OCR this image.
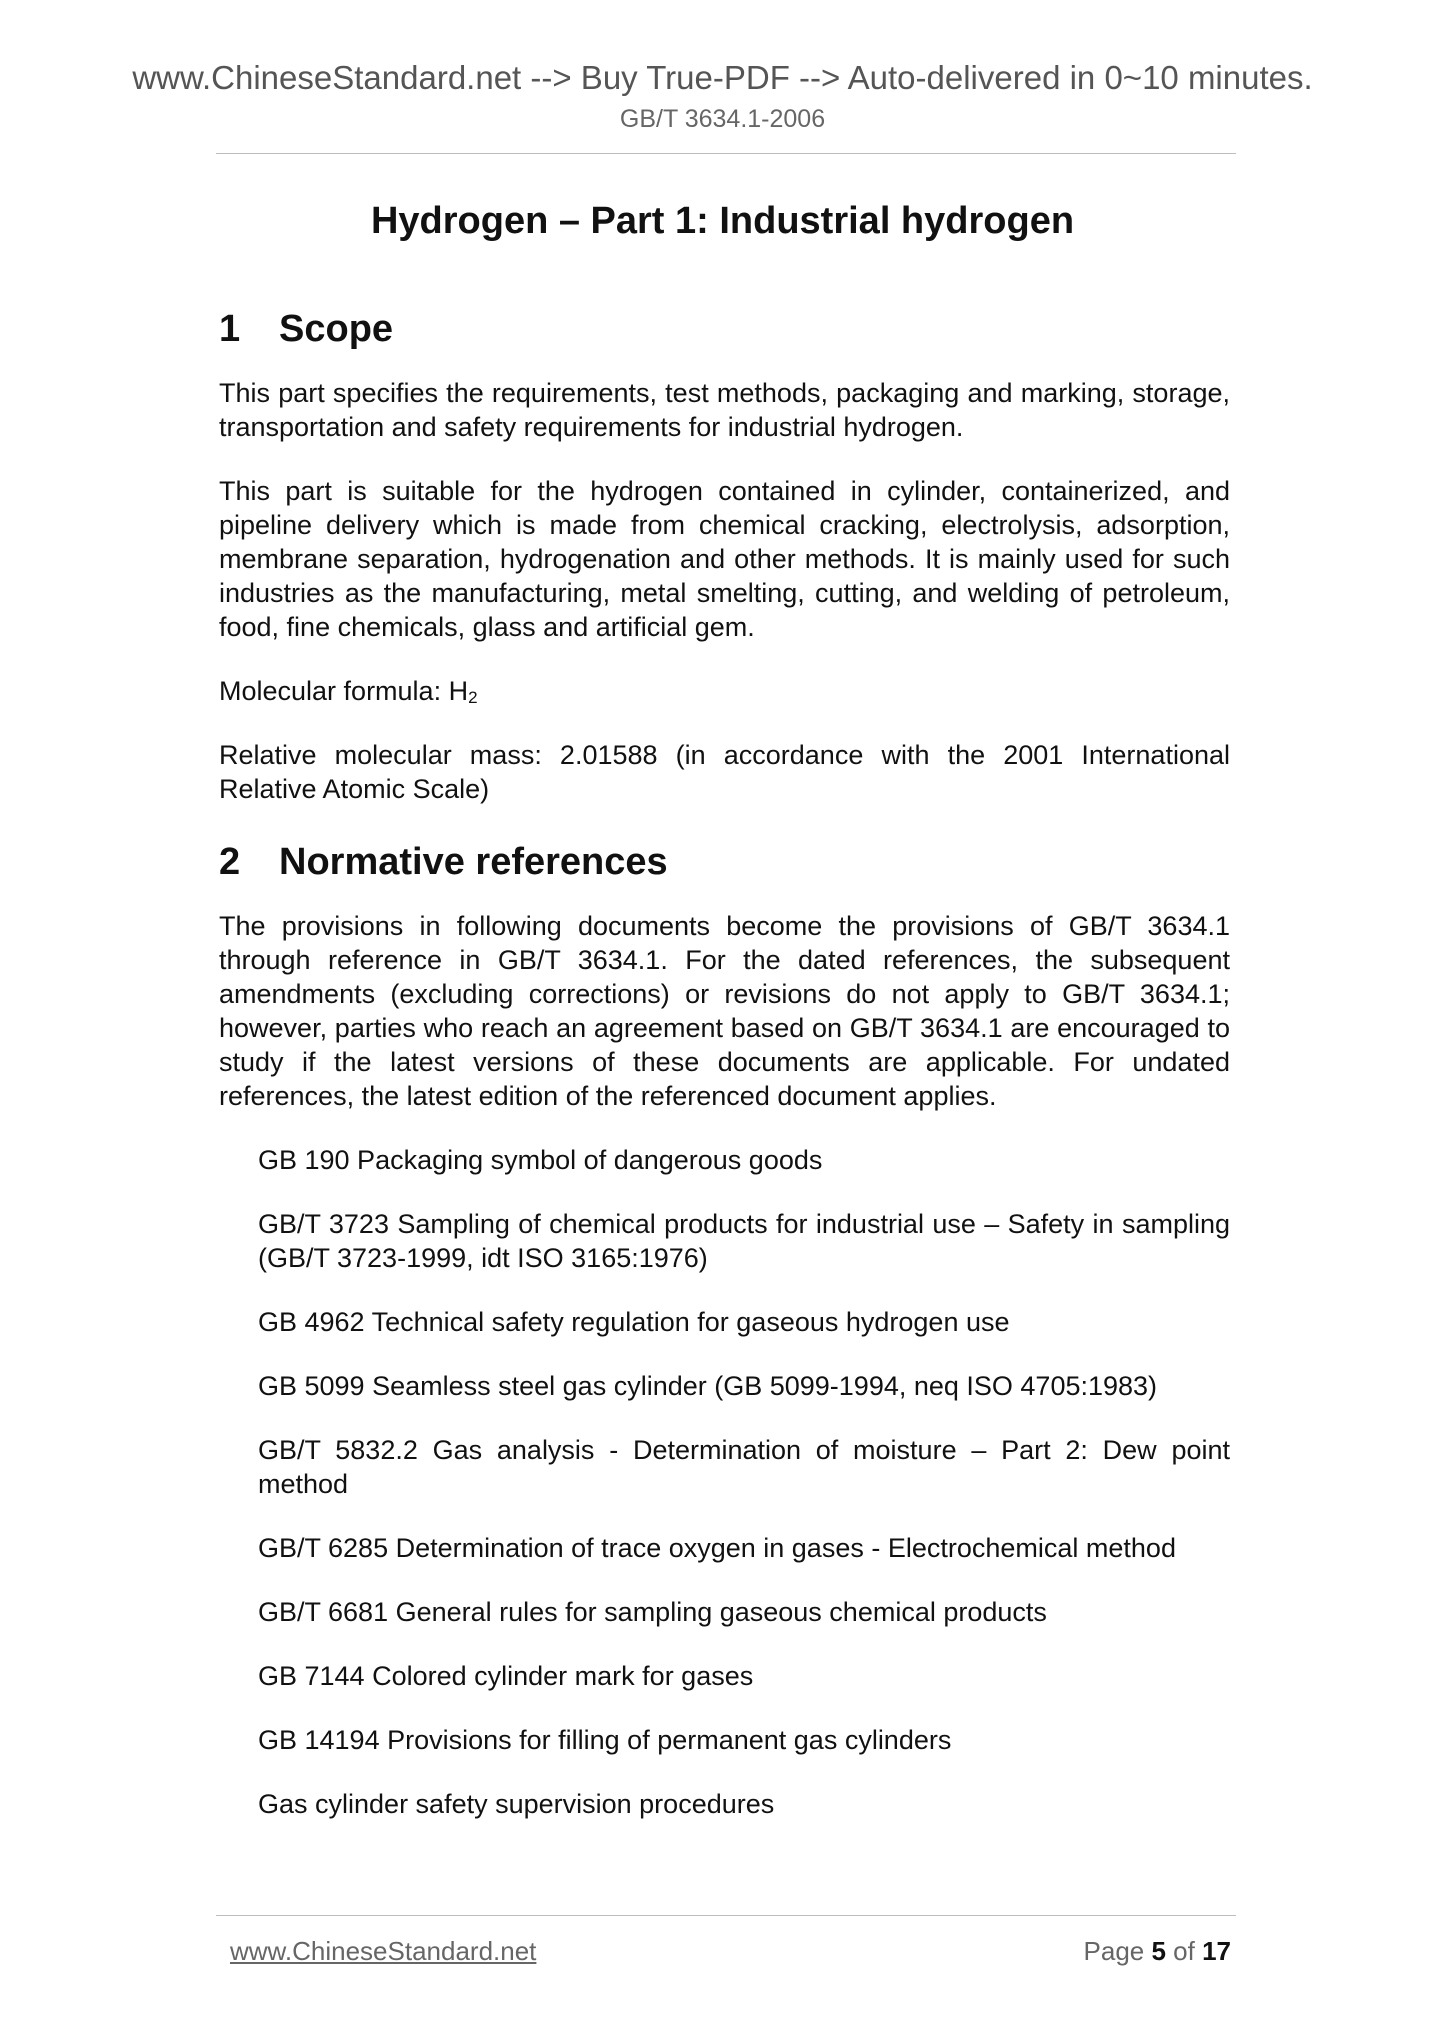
www.ChineseStandard.net --> Buy True-PDF --> Auto-delivered in 0~10 minutes.
GB/T 3634.1-2006
Hydrogen – Part 1: Industrial hydrogen
1 Scope

This part specifies the requirements, test methods, packaging and marking, storage, transportation and safety requirements for industrial hydrogen.

This part is suitable for the hydrogen contained in cylinder, containerized, and pipeline delivery which is made from chemical cracking, electrolysis, adsorption, membrane separation, hydrogenation and other methods. It is mainly used for such industries as the manufacturing, metal smelting, cutting, and welding of petroleum, food, fine chemicals, glass and artificial gem.

Molecular formula: $H_2$

Relative molecular mass: 2.01588 (in accordance with the 2001 International Relative Atomic Scale)

2 Normative references

The provisions in following documents become the provisions of GB/T 3634.1 through reference in GB/T 3634.1. For the dated references, the subsequent amendments (excluding corrections) or revisions do not apply to GB/T 3634.1; however, parties who reach an agreement based on GB/T 3634.1 are encouraged to study if the latest versions of these documents are applicable. For undated references, the latest edition of the referenced document applies.

GB 190 Packaging symbol of dangerous goods

GB/T 3723 Sampling of chemical products for industrial use – Safety in sampling (GB/T 3723-1999, idt ISO 3165:1976)

GB 4962 Technical safety regulation for gaseous hydrogen use

GB 5099 Seamless steel gas cylinder (GB 5099-1994, neq ISO 4705:1983)

GB/T 5832.2 Gas analysis - Determination of moisture – Part 2: Dew point method

GB/T 6285 Determination of trace oxygen in gases - Electrochemical method

GB/T 6681 General rules for sampling gaseous chemical products

GB 7144 Colored cylinder mark for gases

GB 14194 Provisions for filling of permanent gas cylinders

Gas cylinder safety supervision procedures

www.ChineseStandard.net	Page 5 of 17
